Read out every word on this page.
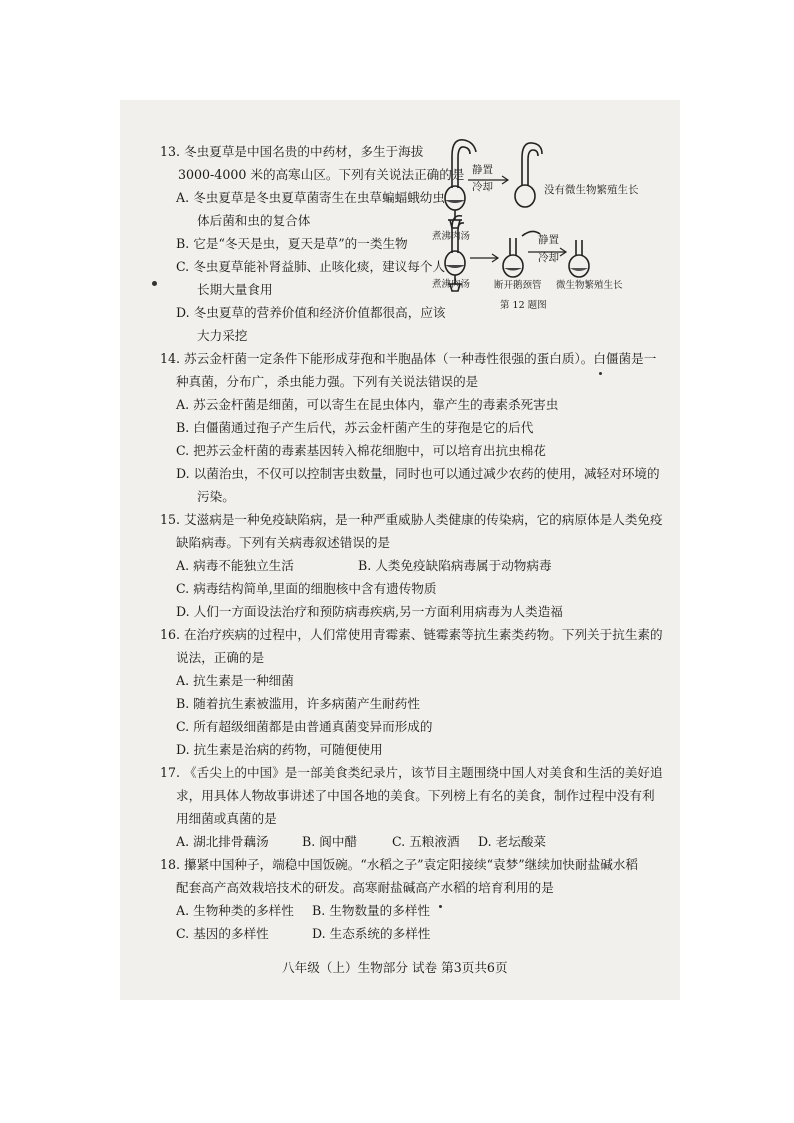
13. 冬虫夏草是中国名贵的中药材，多生于海拔
3000-4000 米的高寒山区。下列有关说法正确的是
A. 冬虫夏草是冬虫夏草菌寄生在虫草蝙蝠蛾幼虫
体后菌和虫的复合体
B. 它是“冬天是虫，夏天是草”的一类生物
C. 冬虫夏草能补肾益肺、止咳化痰，建议每个人
长期大量食用
D. 冬虫夏草的营养价值和经济价值都很高，应该
大力采挖
14. 苏云金杆菌一定条件下能形成芽孢和半胞晶体（一种毒性很强的蛋白质）。白僵菌是一
种真菌，分布广，杀虫能力强。下列有关说法错误的是
A. 苏云金杆菌是细菌，可以寄生在昆虫体内，靠产生的毒素杀死害虫
B. 白僵菌通过孢子产生后代，苏云金杆菌产生的芽孢是它的后代
C. 把苏云金杆菌的毒素基因转入棉花细胞中，可以培育出抗虫棉花
D. 以菌治虫，不仅可以控制害虫数量，同时也可以通过减少农药的使用，减轻对环境的
污染。
15. 艾滋病是一种免疫缺陷病，是一种严重威胁人类健康的传染病，它的病原体是人类免疫
缺陷病毒。下列有关病毒叙述错误的是
C. 病毒结构简单,里面的细胞核中含有遗传物质
D. 人们一方面设法治疗和预防病毒疾病,另一方面利用病毒为人类造福
16. 在治疗疾病的过程中，人们常使用青霉素、链霉素等抗生素类药物。下列关于抗生素的
说法，正确的是
A. 抗生素是一种细菌
B. 随着抗生素被滥用，许多病菌产生耐药性
C. 所有超级细菌都是由普通真菌变异而形成的
D. 抗生素是治病的药物，可随便使用
17. 《舌尖上的中国》是一部美食类纪录片，该节目主题围绕中国人对美食和生活的美好追
求，用具体人物故事讲述了中国各地的美食。下列榜上有名的美食，制作过程中没有利
用细菌或真菌的是
18. 攥紧中国种子，端稳中国饭碗。“水稻之子”袁定阳接续“袁梦”继续加快耐盐碱水稻
配套高产高效栽培技术的研发。高寒耐盐碱高产水稻的培育利用的是
A. 病毒不能独立生活	B. 人类免疫缺陷病毒属于动物病毒
A. 湖北排骨藕汤	B. 阆中醋	C. 五粮液酒 D. 老坛酸菜
A. 生物种类的多样性 B. 生物数量的多样性
C. 基因的多样性	D. 生态系统的多样性
静置
冷却	没有微生物繁殖生长
煮沸肉汤	静置
冷却
煮沸肉汤	断开鹅颈管 微生物繁殖生长
第 12 题图
八年级（上）生物部分 试卷 第3页共6页
